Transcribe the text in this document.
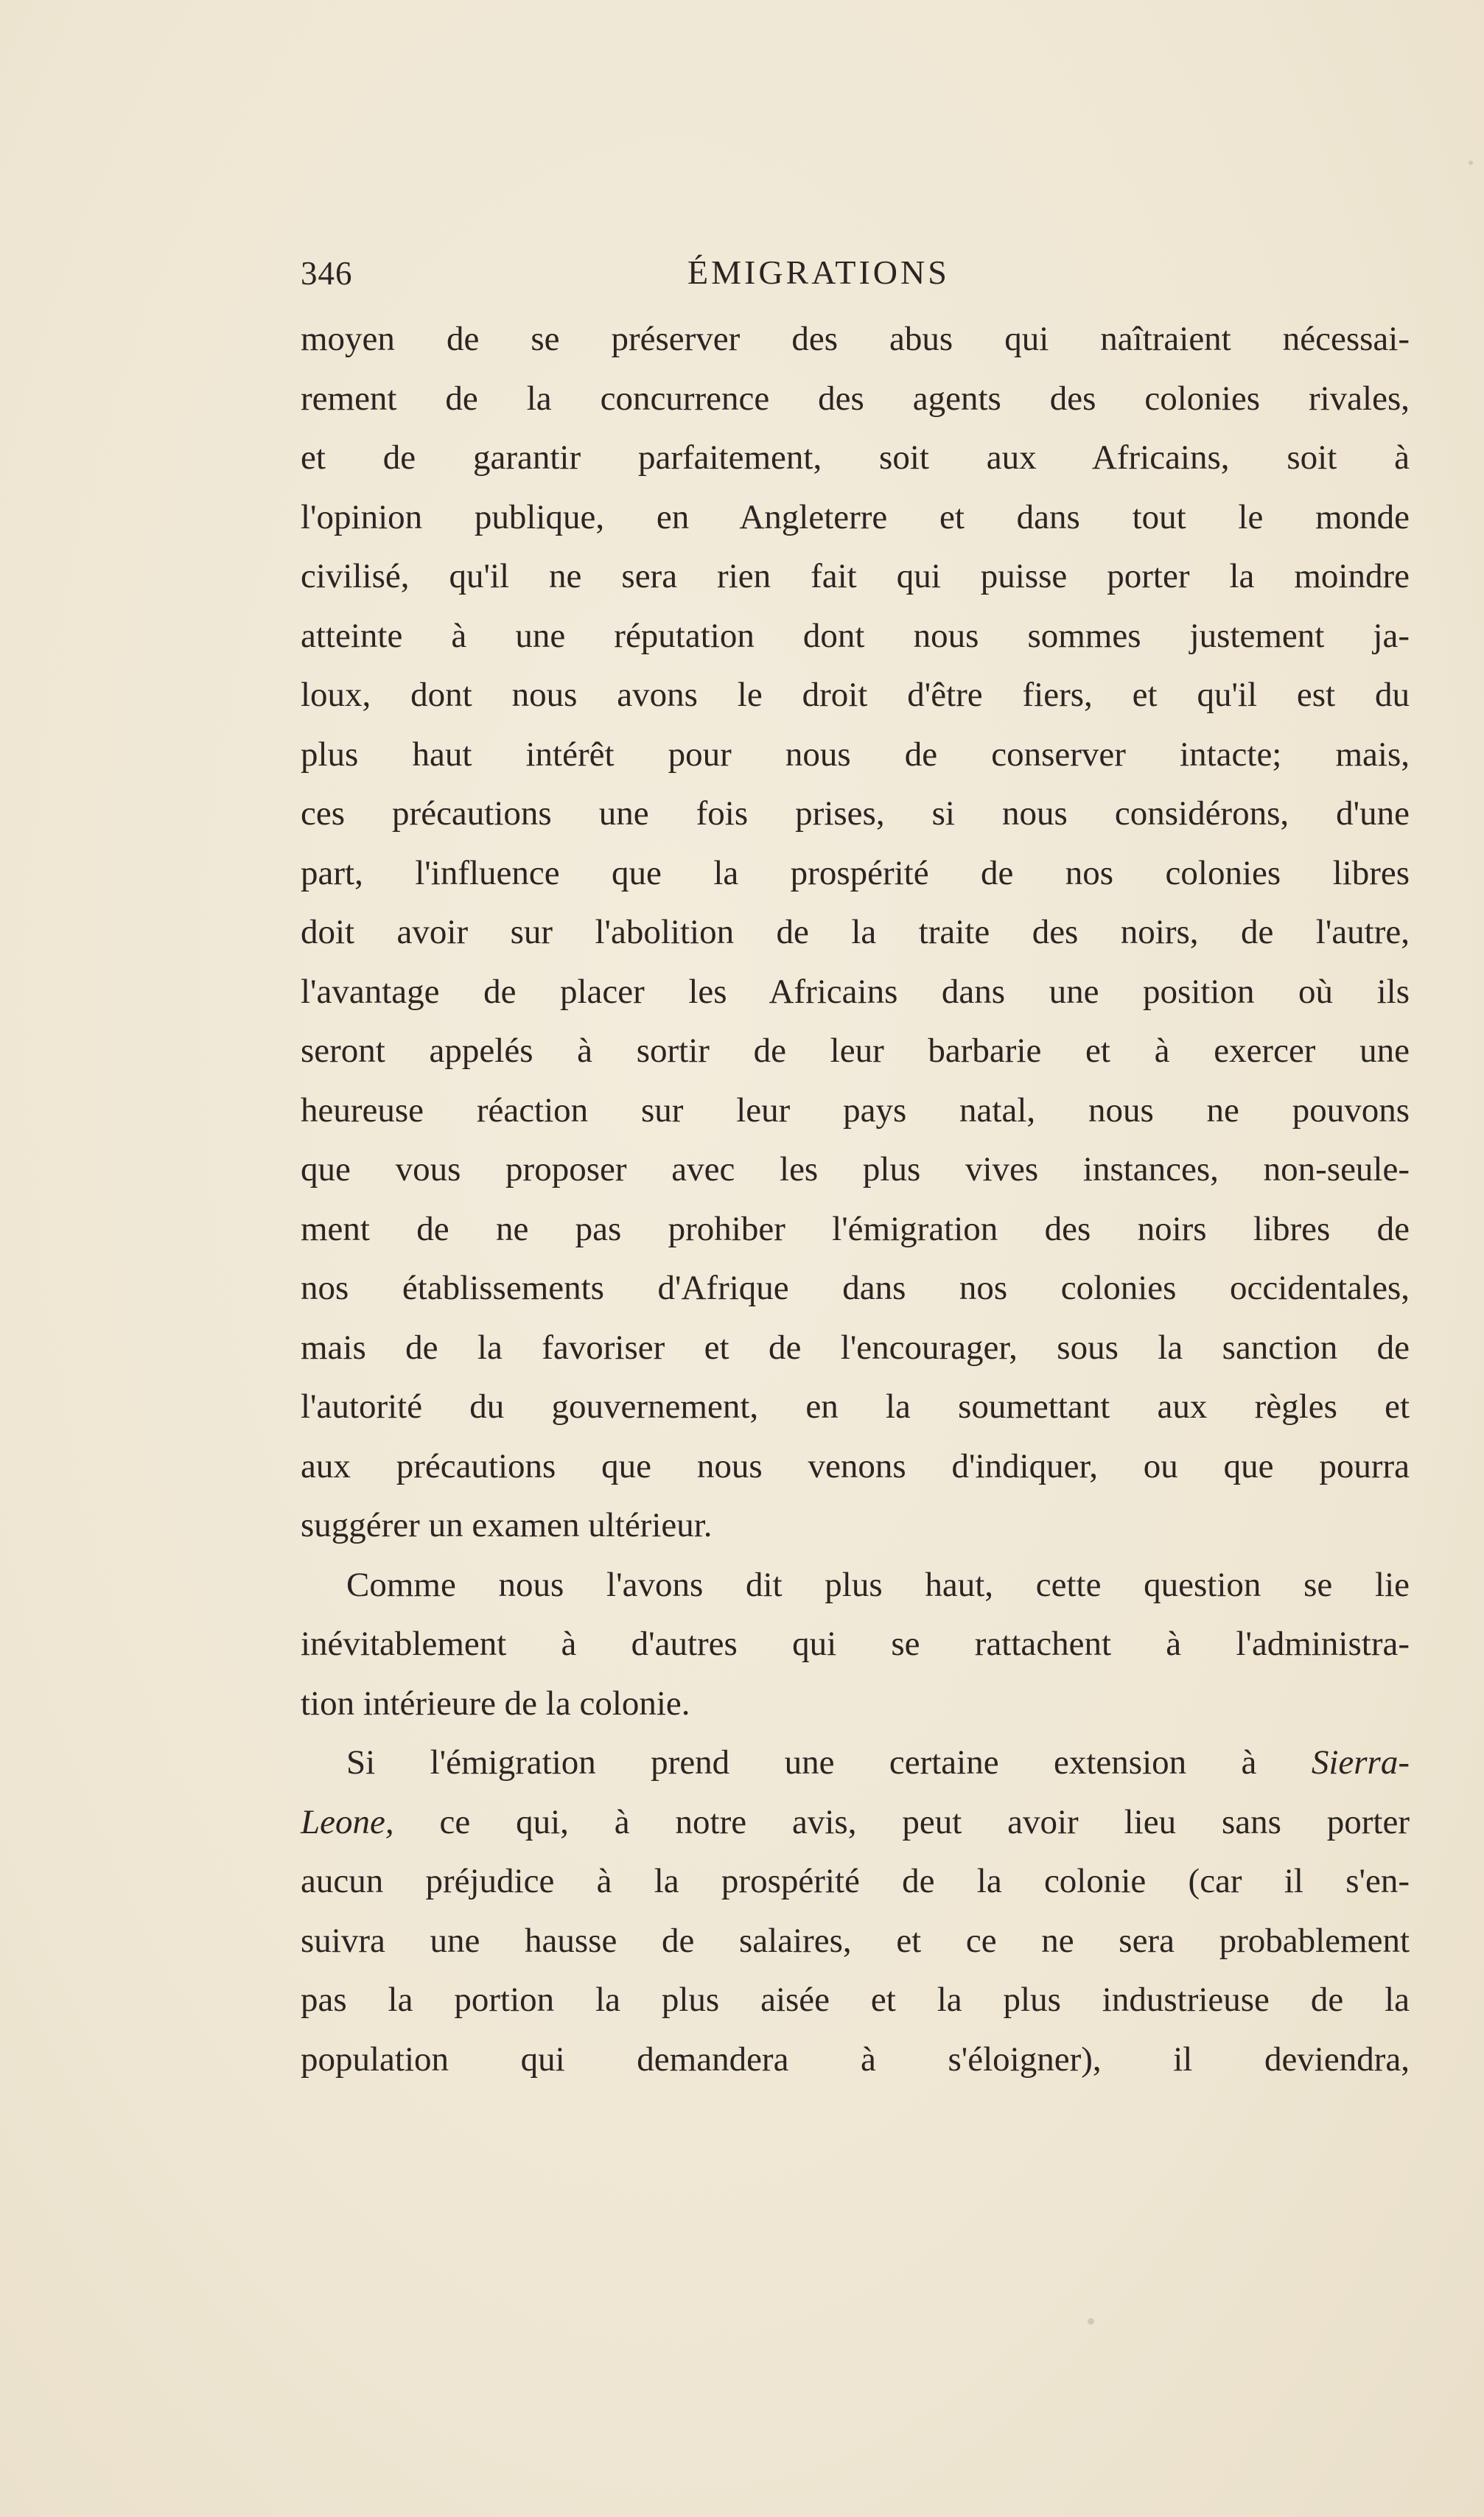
346	ÉMIGRATIONS
moyen de se préserver des abus qui naîtraient nécessai-
rement de la concurrence des agents des colonies rivales,
et de garantir parfaitement, soit aux Africains, soit à
l'opinion publique, en Angleterre et dans tout le monde
civilisé, qu'il ne sera rien fait qui puisse porter la moindre
atteinte à une réputation dont nous sommes justement ja-
loux, dont nous avons le droit d'être fiers, et qu'il est du
plus haut intérêt pour nous de conserver intacte; mais,
ces précautions une fois prises, si nous considérons, d'une
part, l'influence que la prospérité de nos colonies libres
doit avoir sur l'abolition de la traite des noirs, de l'autre,
l'avantage de placer les Africains dans une position où ils
seront appelés à sortir de leur barbarie et à exercer une
heureuse réaction sur leur pays natal, nous ne pouvons
que vous proposer avec les plus vives instances, non-seule-
ment de ne pas prohiber l'émigration des noirs libres de
nos établissements d'Afrique dans nos colonies occidentales,
mais de la favoriser et de l'encourager, sous la sanction de
l'autorité du gouvernement, en la soumettant aux règles et
aux précautions que nous venons d'indiquer, ou que pourra
suggérer un examen ultérieur.
Comme nous l'avons dit plus haut, cette question se lie
inévitablement à d'autres qui se rattachent à l'administra-
tion intérieure de la colonie.
Si l'émigration prend une certaine extension à Sierra-
Leone, ce qui, à notre avis, peut avoir lieu sans porter
aucun préjudice à la prospérité de la colonie (car il s'en-
suivra une hausse de salaires, et ce ne sera probablement
pas la portion la plus aisée et la plus industrieuse de la
population qui demandera à s'éloigner), il deviendra,
